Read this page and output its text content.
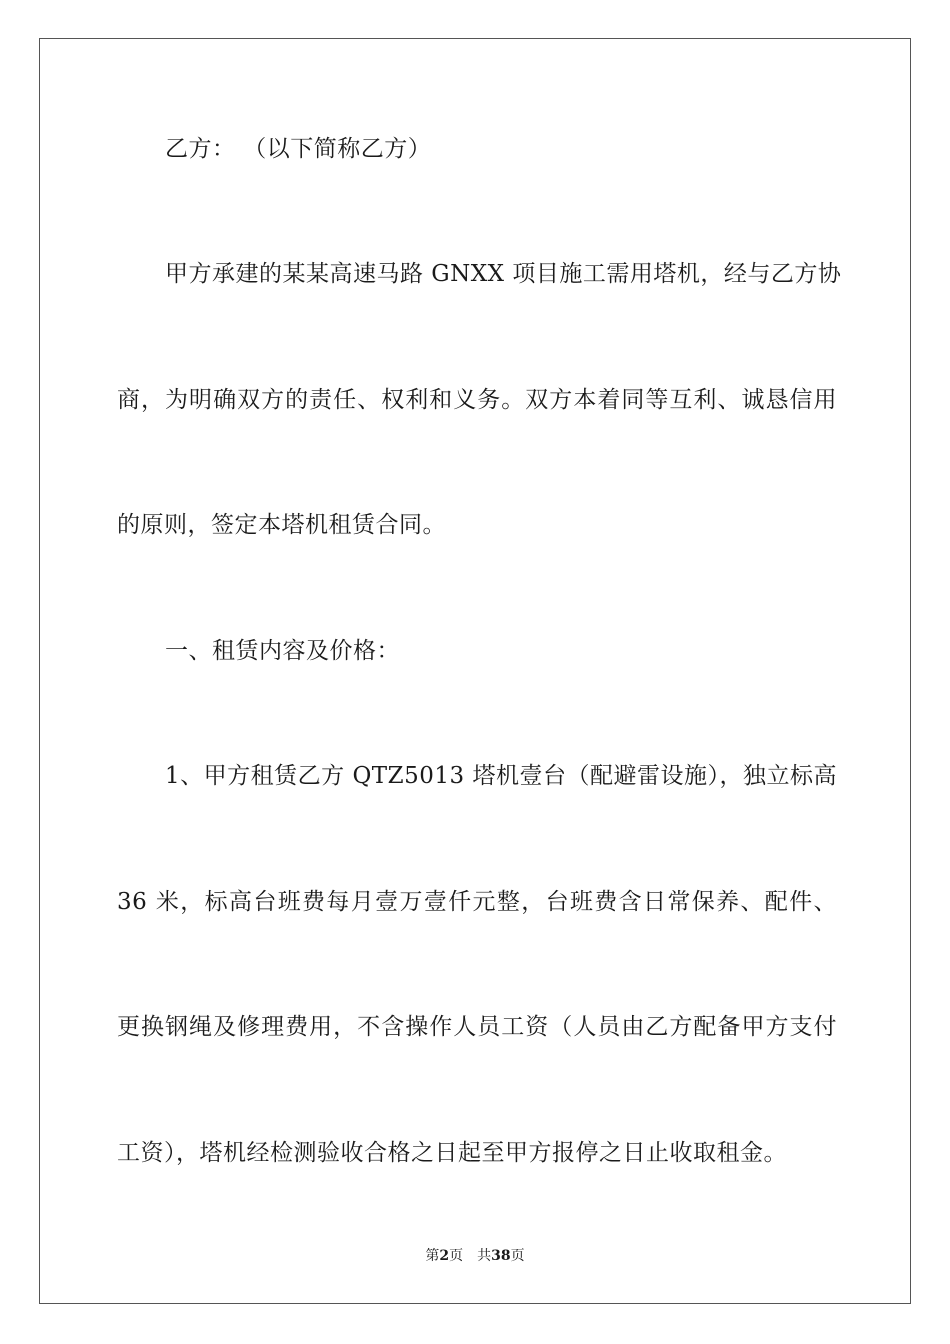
乙方： （以下简称乙方）
甲方承建的某某高速马路 GNXX 项目施工需用塔机，经与乙方协
商，为明确双方的责任、权利和义务。双方本着同等互利、诚恳信用
的原则，签定本塔机租赁合同。
一、租赁内容及价格：
1、甲方租赁乙方 QTZ5013 塔机壹台（配避雷设施），独立标高
36 米，标高台班费每月壹万壹仟元整，台班费含日常保养、配件、
更换钢绳及修理费用，不含操作人员工资（人员由乙方配备甲方支付
工资），塔机经检测验收合格之日起至甲方报停之日止收取租金。
第2页 共38页
